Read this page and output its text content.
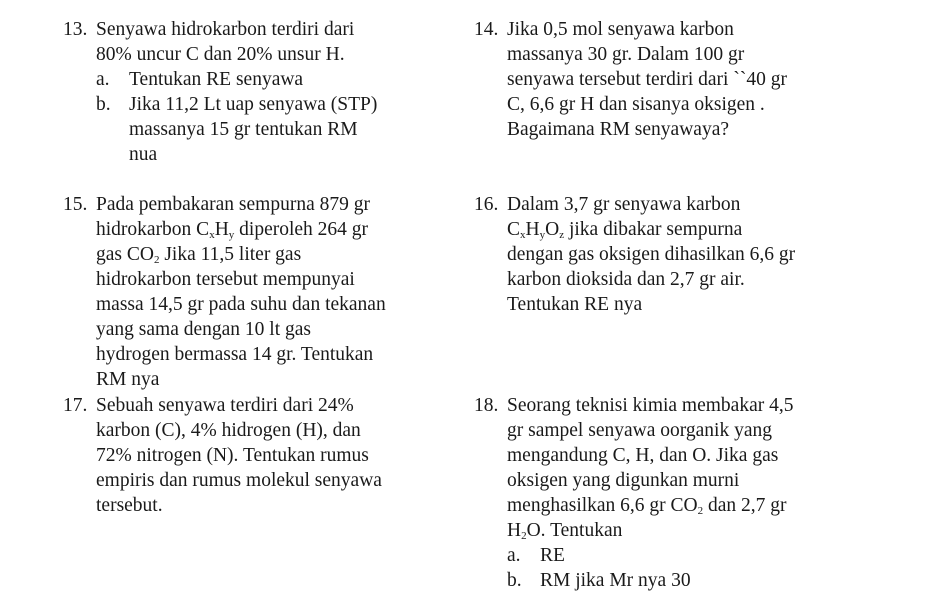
13. Senyawa hidrokarbon terdiri dari
80% uncur C dan 20% unsur H.
a. Tentukan RE senyawa
b. Jika 11,2 Lt uap senyawa (STP)
massanya 15 gr tentukan RM
nua
14. Jika 0,5 mol senyawa karbon
massanya 30 gr. Dalam 100 gr
senyawa tersebut terdiri dari ``40 gr
C, 6,6 gr H dan sisanya oksigen .
Bagaimana RM senyawaya?
15. Pada pembakaran sempurna 879 gr
hidrokarbon $C_xH_y$ diperoleh 264 gr
gas $CO_2$ Jika 11,5 liter gas
hidrokarbon tersebut mempunyai
massa 14,5 gr pada suhu dan tekanan
yang sama dengan 10 lt gas
hydrogen bermassa 14 gr. Tentukan
RM nya
16. Dalam 3,7 gr senyawa karbon
$C_xH_yO_z$ jika dibakar sempurna
dengan gas oksigen dihasilkan 6,6 gr
karbon dioksida dan 2,7 gr air.
Tentukan RE nya
17. Sebuah senyawa terdiri dari 24%
karbon (C), 4% hidrogen (H), dan
72% nitrogen (N). Tentukan rumus
empiris dan rumus molekul senyawa
tersebut.
18. Seorang teknisi kimia membakar 4,5
gr sampel senyawa oorganik yang
mengandung C, H, dan O. Jika gas
oksigen yang digunkan murni
menghasilkan 6,6 gr $CO_2$ dan 2,7 gr
$H_2O$. Tentukan
a. RE
b. RM jika Mr nya 30
